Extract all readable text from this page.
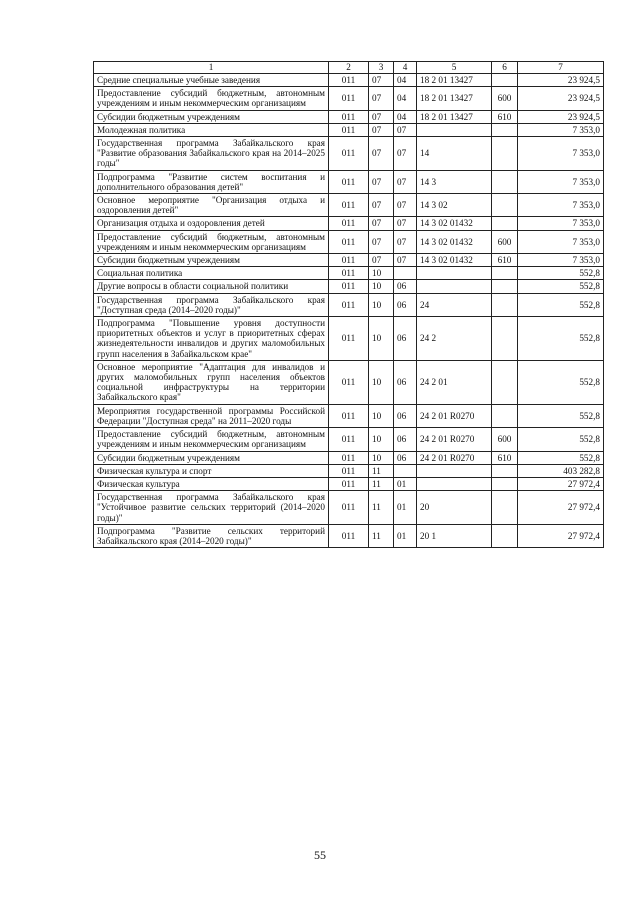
1	2	3	4	5	6	7
Средние специальные учебные заведения	011	07	04	18 2 01 13427		23 924,5
Предоставление субсидий бюджетным, автономным учреждениям и иным некоммерческим организациям	011	07	04	18 2 01 13427	600	23 924,5
Субсидии бюджетным учреждениям	011	07	04	18 2 01 13427	610	23 924,5
Молодежная политика	011	07	07			7 353,0
Государственная программа Забайкальского края "Развитие образования Забайкальского края на 2014–2025 годы"	011	07	07	14		7 353,0
Подпрограмма "Развитие систем воспитания и дополнительного образования детей"	011	07	07	14 3		7 353,0
Основное мероприятие "Организация отдыха и оздоровления детей"	011	07	07	14 3 02		7 353,0
Организация отдыха и оздоровления детей	011	07	07	14 3 02 01432		7 353,0
Предоставление субсидий бюджетным, автономным учреждениям и иным некоммерческим организациям	011	07	07	14 3 02 01432	600	7 353,0
Субсидии бюджетным учреждениям	011	07	07	14 3 02 01432	610	7 353,0
Социальная политика	011	10				552,8
Другие вопросы в области социальной политики	011	10	06			552,8
Государственная программа Забайкальского края "Доступная среда (2014–2020 годы)"	011	10	06	24		552,8
Подпрограмма "Повышение уровня доступности приоритетных объектов и услуг в приоритетных сферах жизнедеятельности инвалидов и других маломобильных групп населения в Забайкальском крае"	011	10	06	24 2		552,8
Основное мероприятие "Адаптация для инвалидов и других маломобильных групп населения объектов социальной инфраструктуры на территории Забайкальского края"	011	10	06	24 2 01		552,8
Мероприятия государственной программы Российской Федерации "Доступная среда" на 2011–2020 годы	011	10	06	24 2 01 R0270		552,8
Предоставление субсидий бюджетным, автономным учреждениям и иным некоммерческим организациям	011	10	06	24 2 01 R0270	600	552,8
Субсидии бюджетным учреждениям	011	10	06	24 2 01 R0270	610	552,8
Физическая культура и спорт	011	11				403 282,8
Физическая культура	011	11	01			27 972,4
Государственная программа Забайкальского края "Устойчивое развитие сельских территорий (2014–2020 годы)"	011	11	01	20		27 972,4
Подпрограмма "Развитие сельских территорий Забайкальского края (2014–2020 годы)"	011	11	01	20 1		27 972,4
55
